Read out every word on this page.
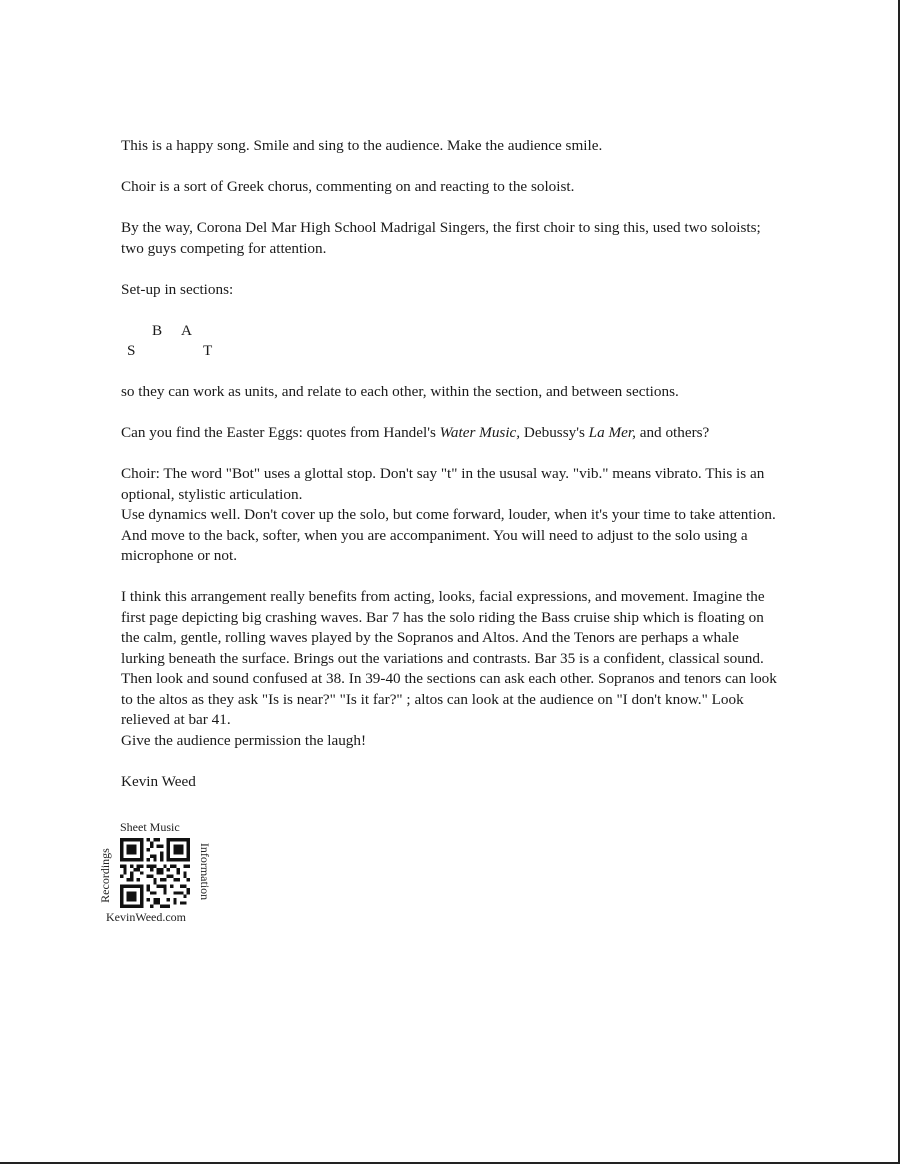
This is a happy song. Smile and sing to the audience. Make the audience smile.

Choir is a sort of Greek chorus, commenting on and reacting to the soloist.

By the way, Corona Del Mar High School Madrigal Singers, the first choir to sing this, used two soloists; two guys competing for attention.

Set-up in sections:

B A
S	T

so they can work as units, and relate to each other, within the section, and between sections.

Can you find the Easter Eggs: quotes from Handel's Water Music, Debussy's La Mer, and others?

Choir: The word "Bot" uses a glottal stop. Don't say "t" in the ususal way. "vib." means vibrato. This is an optional, stylistic articulation.

Use dynamics well. Don't cover up the solo, but come forward, louder, when it's your time to take attention. And move to the back, softer, when you are accompaniment. You will need to adjust to the solo using a microphone or not.

I think this arrangement really benefits from acting, looks, facial expressions, and movement. Imagine the first page depicting big crashing waves. Bar 7 has the solo riding the Bass cruise ship which is floating on the calm, gentle, rolling waves played by the Sopranos and Altos. And the Tenors are perhaps a whale lurking beneath the surface. Brings out the variations and contrasts. Bar 35 is a confident, classical sound. Then look and sound confused at 38. In 39-40 the sections can ask each other. Sopranos and tenors can look to the altos as they ask "Is is near?" "Is it far?" ; altos can look at the audience on "I don't know." Look relieved at bar 41.

Give the audience permission the laugh!

Kevin Weed

Sheet Music
Recordings	Information
KevinWeed.com
